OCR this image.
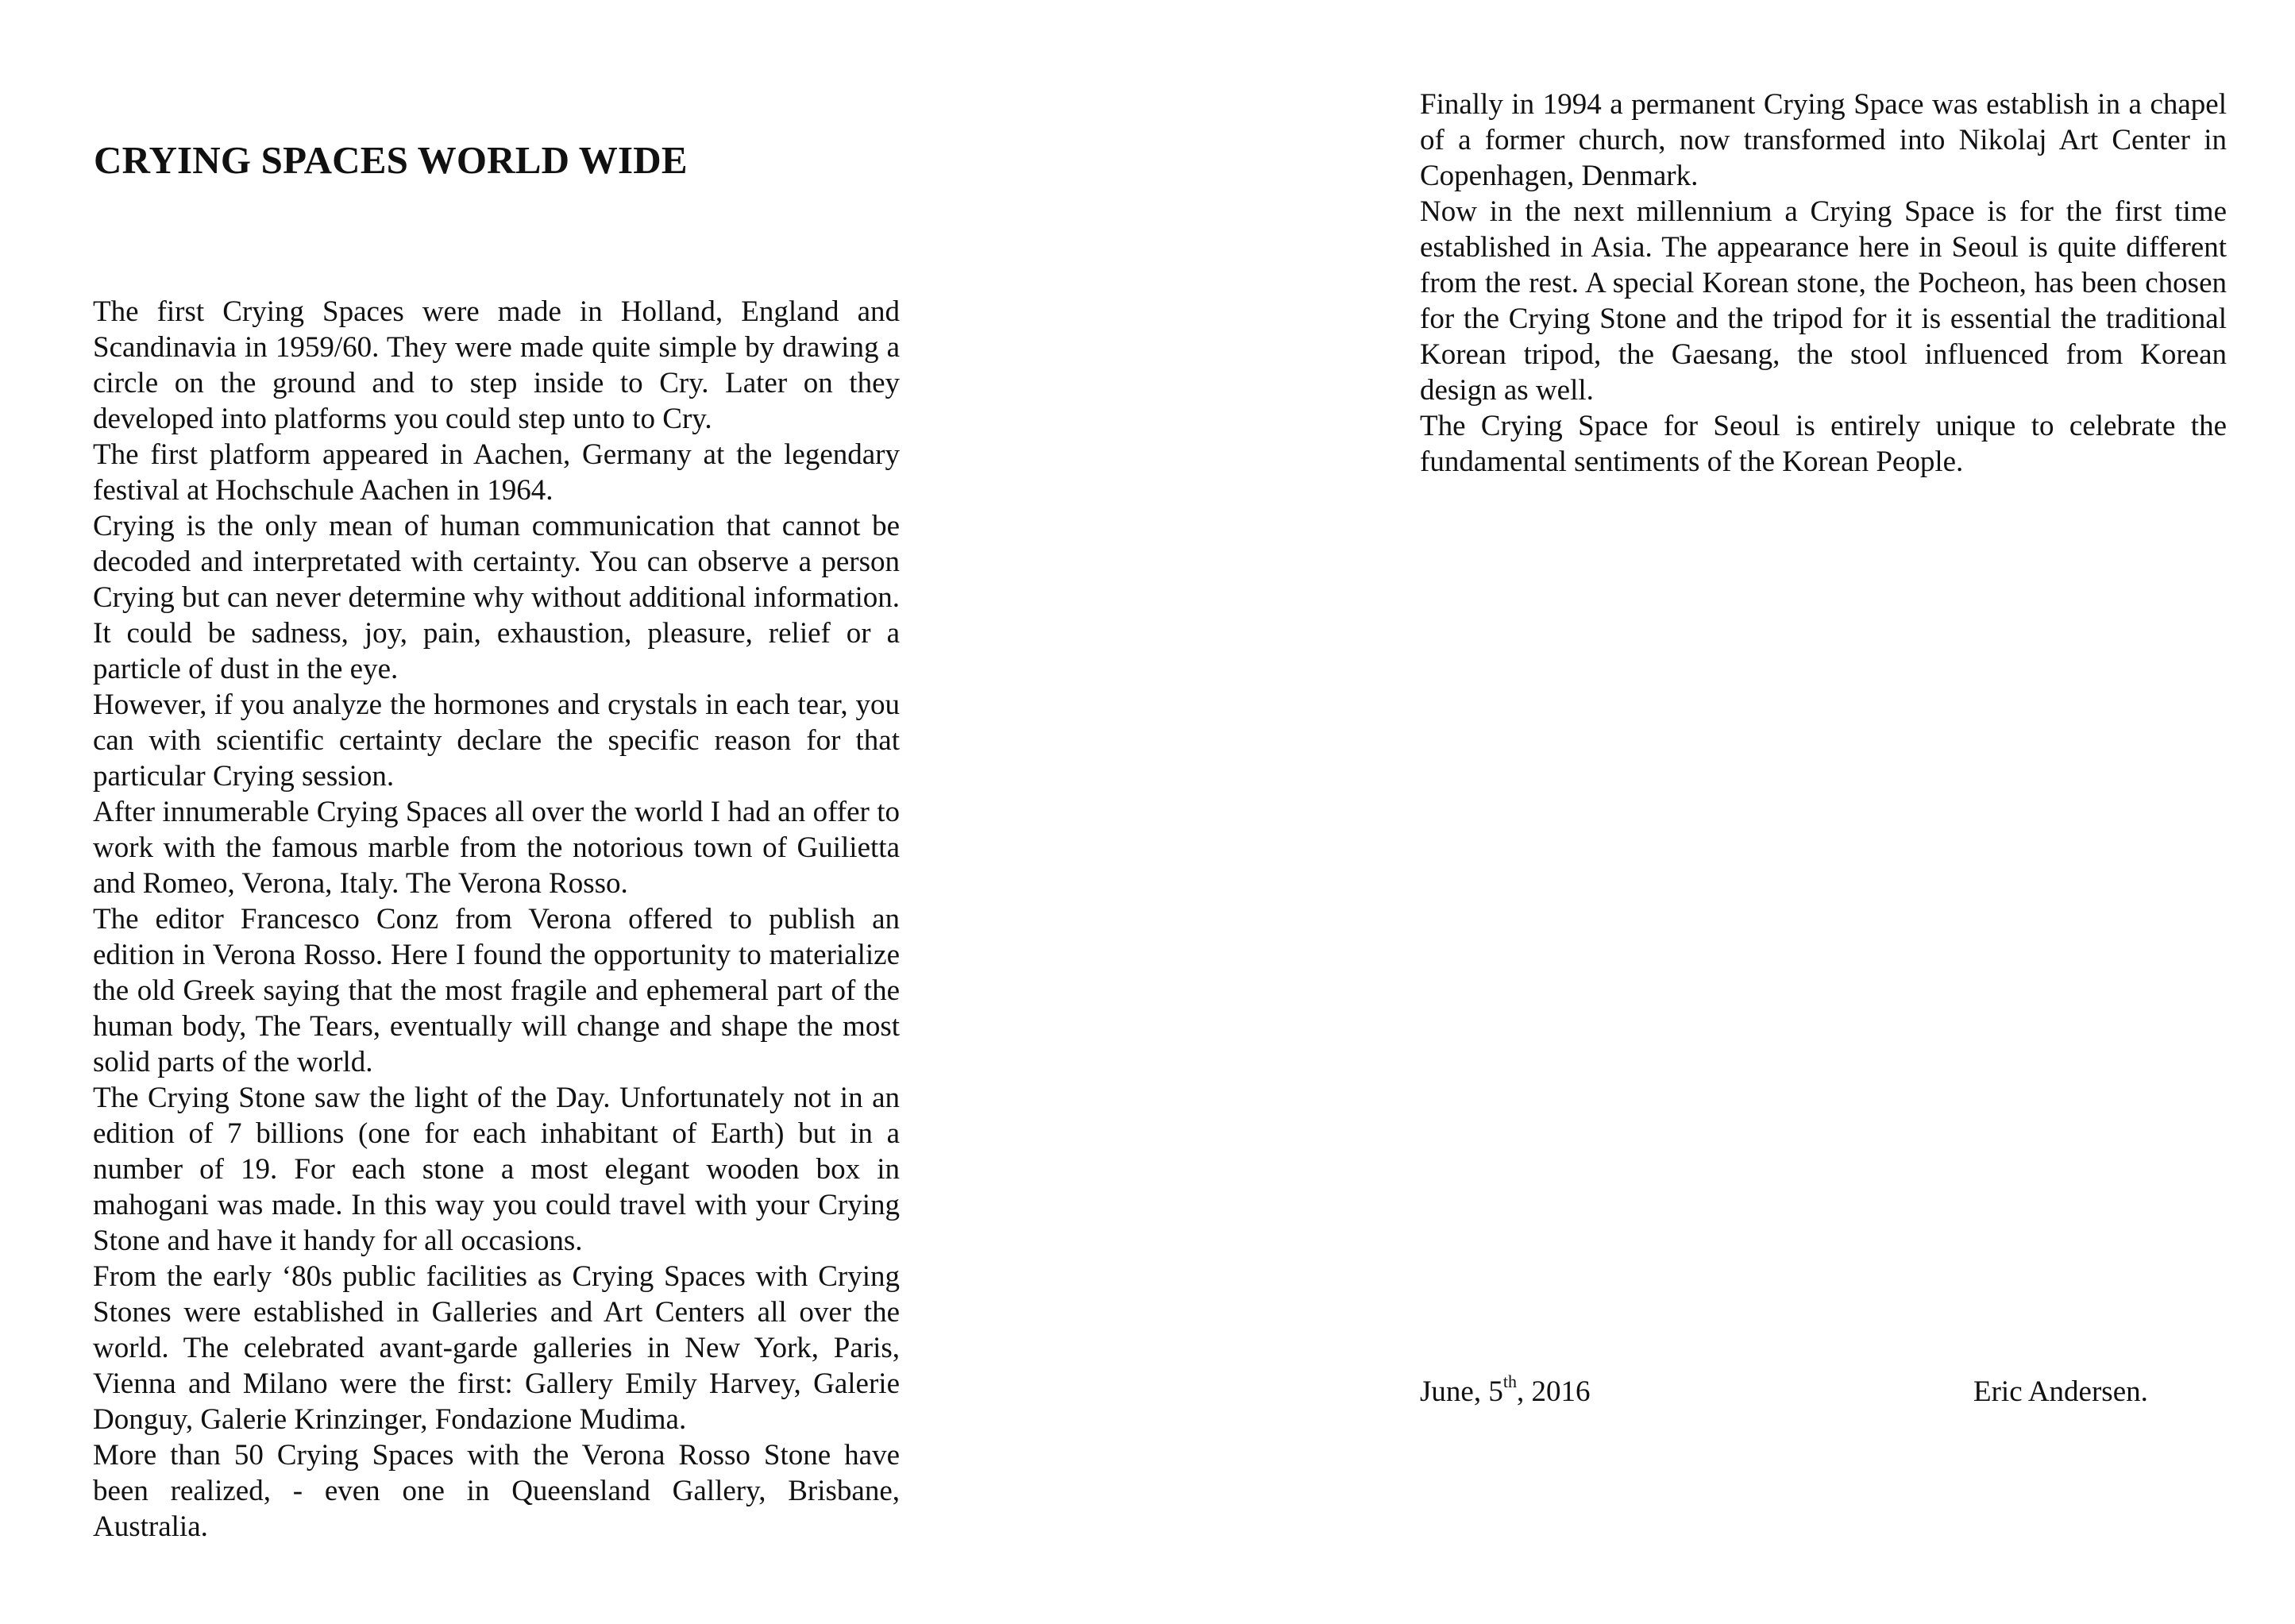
CRYING SPACES WORLD WIDE

The first Crying Spaces were made in Holland, England and Scandinavia in 1959/60. They were made quite simple by drawing a circle on the ground and to step inside to Cry. Later on they developed into platforms you could step unto to Cry.

The first platform appeared in Aachen, Germany at the legendary festival at Hochschule Aachen in 1964.

Crying is the only mean of human communication that cannot be decoded and interpretated with certainty. You can observe a person Crying but can never determine why without additional information. It could be sadness, joy, pain, exhaustion, pleasure, relief or a particle of dust in the eye.

However, if you analyze the hormones and crystals in each tear, you can with scientific certainty declare the specific reason for that particular Crying session.

After innumerable Crying Spaces all over the world I had an offer to work with the famous marble from the notorious town of Guilietta and Romeo, Verona, Italy. The Verona Rosso.

The editor Francesco Conz from Verona offered to publish an edition in Verona Rosso. Here I found the opportunity to materialize the old Greek saying that the most fragile and ephemeral part of the human body, The Tears, eventually will change and shape the most solid parts of the world.

The Crying Stone saw the light of the Day. Unfortunately not in an edition of 7 billions (one for each inhabitant of Earth) but in a number of 19. For each stone a most elegant wooden box in mahogani was made. In this way you could travel with your Crying Stone and have it handy for all occasions.

From the early ‘80s public facilities as Crying Spaces with Crying Stones were established in Galleries and Art Centers all over the world. The celebrated avant-garde galleries in New York, Paris, Vienna and Milano were the first: Gallery Emily Harvey, Galerie Donguy, Galerie Krinzinger, Fondazione Mudima.

More than 50 Crying Spaces with the Verona Rosso Stone have been realized, - even one in Queensland Gallery, Brisbane, Australia.

Finally in 1994 a permanent Crying Space was establish in a chapel of a former church, now transformed into Nikolaj Art Center in Copenhagen, Denmark.

Now in the next millennium a Crying Space is for the first time established in Asia. The appearance here in Seoul is quite different from the rest. A special Korean stone, the Pocheon, has been chosen for the Crying Stone and the tripod for it is essential the traditional Korean tripod, the Gaesang, the stool influenced from Korean design as well.

The Crying Space for Seoul is entirely unique to celebrate the fundamental sentiments of the Korean People.

June, 5th, 2016	Eric Andersen.
